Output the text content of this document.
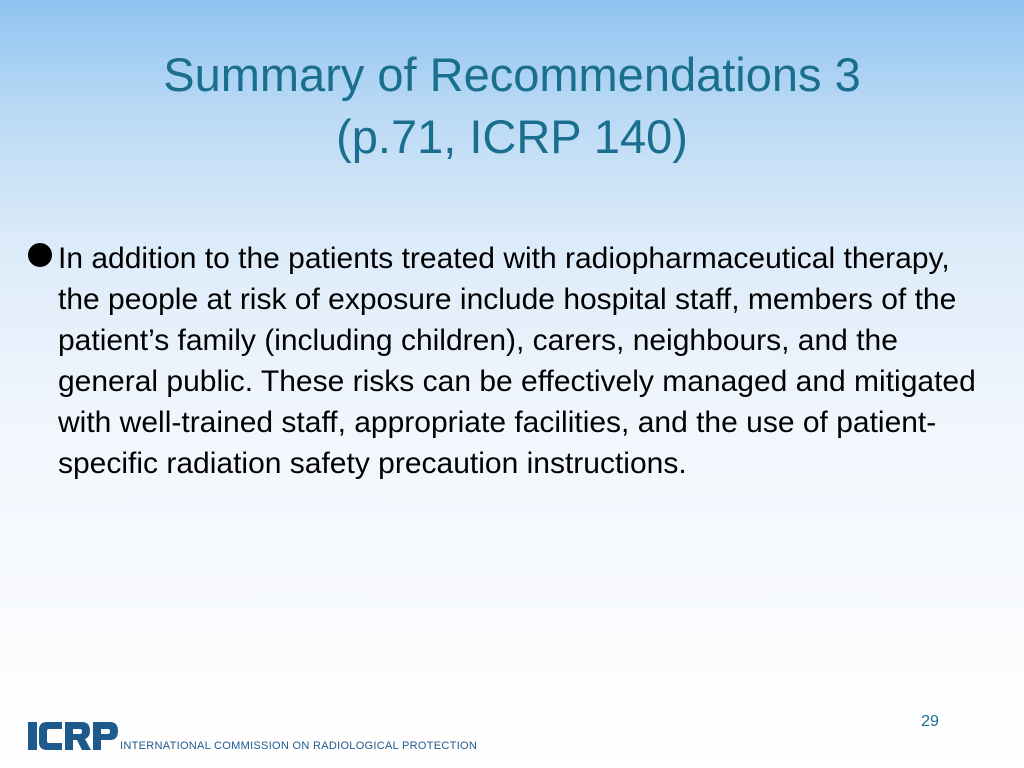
Summary of Recommendations 3
(p.71, ICRP 140)

In addition to the patients treated with radiopharmaceutical therapy, the people at risk of exposure include hospital staff, members of the patient’s family (including children), carers, neighbours, and the general public. These risks can be effectively managed and mitigated with well-trained staff, appropriate facilities, and the use of patient-specific radiation safety precaution instructions.

29
INTERNATIONAL COMMISSION ON RADIOLOGICAL PROTECTION
